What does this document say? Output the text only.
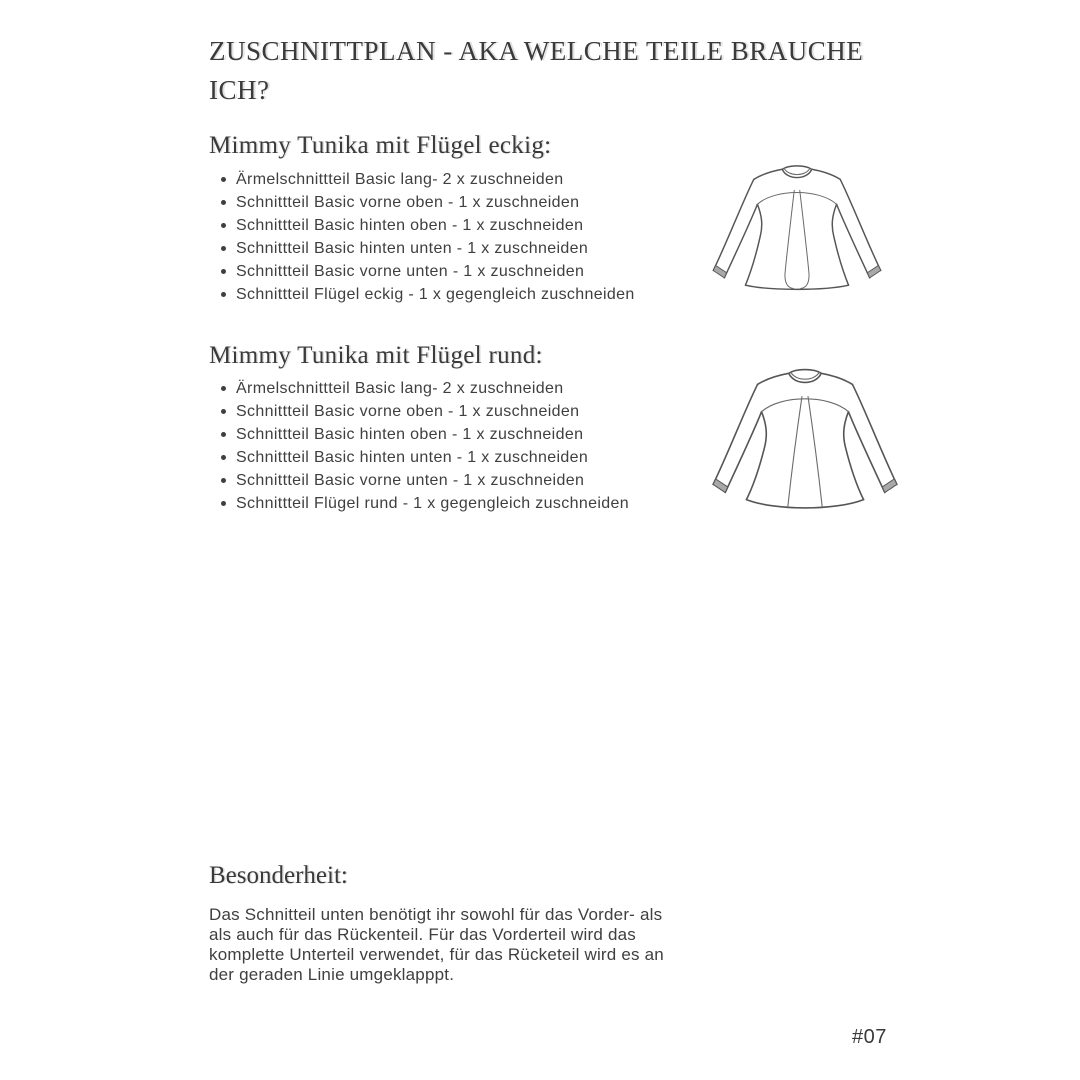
ZUSCHNITTPLAN - AKA WELCHE TEILE BRAUCHE
ICH?
Mimmy Tunika mit Flügel eckig:
Ärmelschnittteil Basic lang- 2 x zuschneiden
Schnittteil Basic vorne oben - 1 x zuschneiden
Schnittteil Basic hinten oben - 1 x zuschneiden
Schnittteil Basic hinten unten - 1 x zuschneiden
Schnittteil Basic vorne unten - 1 x zuschneiden
Schnittteil Flügel eckig - 1 x gegengleich zuschneiden
Mimmy Tunika mit Flügel rund:
Ärmelschnittteil Basic lang- 2 x zuschneiden
Schnittteil Basic vorne oben - 1 x zuschneiden
Schnittteil Basic hinten oben - 1 x zuschneiden
Schnittteil Basic hinten unten - 1 x zuschneiden
Schnittteil Basic vorne unten - 1 x zuschneiden
Schnittteil Flügel rund - 1 x gegengleich zuschneiden
Besonderheit:
Das Schnitteil unten benötigt ihr sowohl für das Vorder- als
als auch für das Rückenteil. Für das Vorderteil wird das
komplette Unterteil verwendet, für das Rücketeil wird es an
der geraden Linie umgeklapppt.
#07
